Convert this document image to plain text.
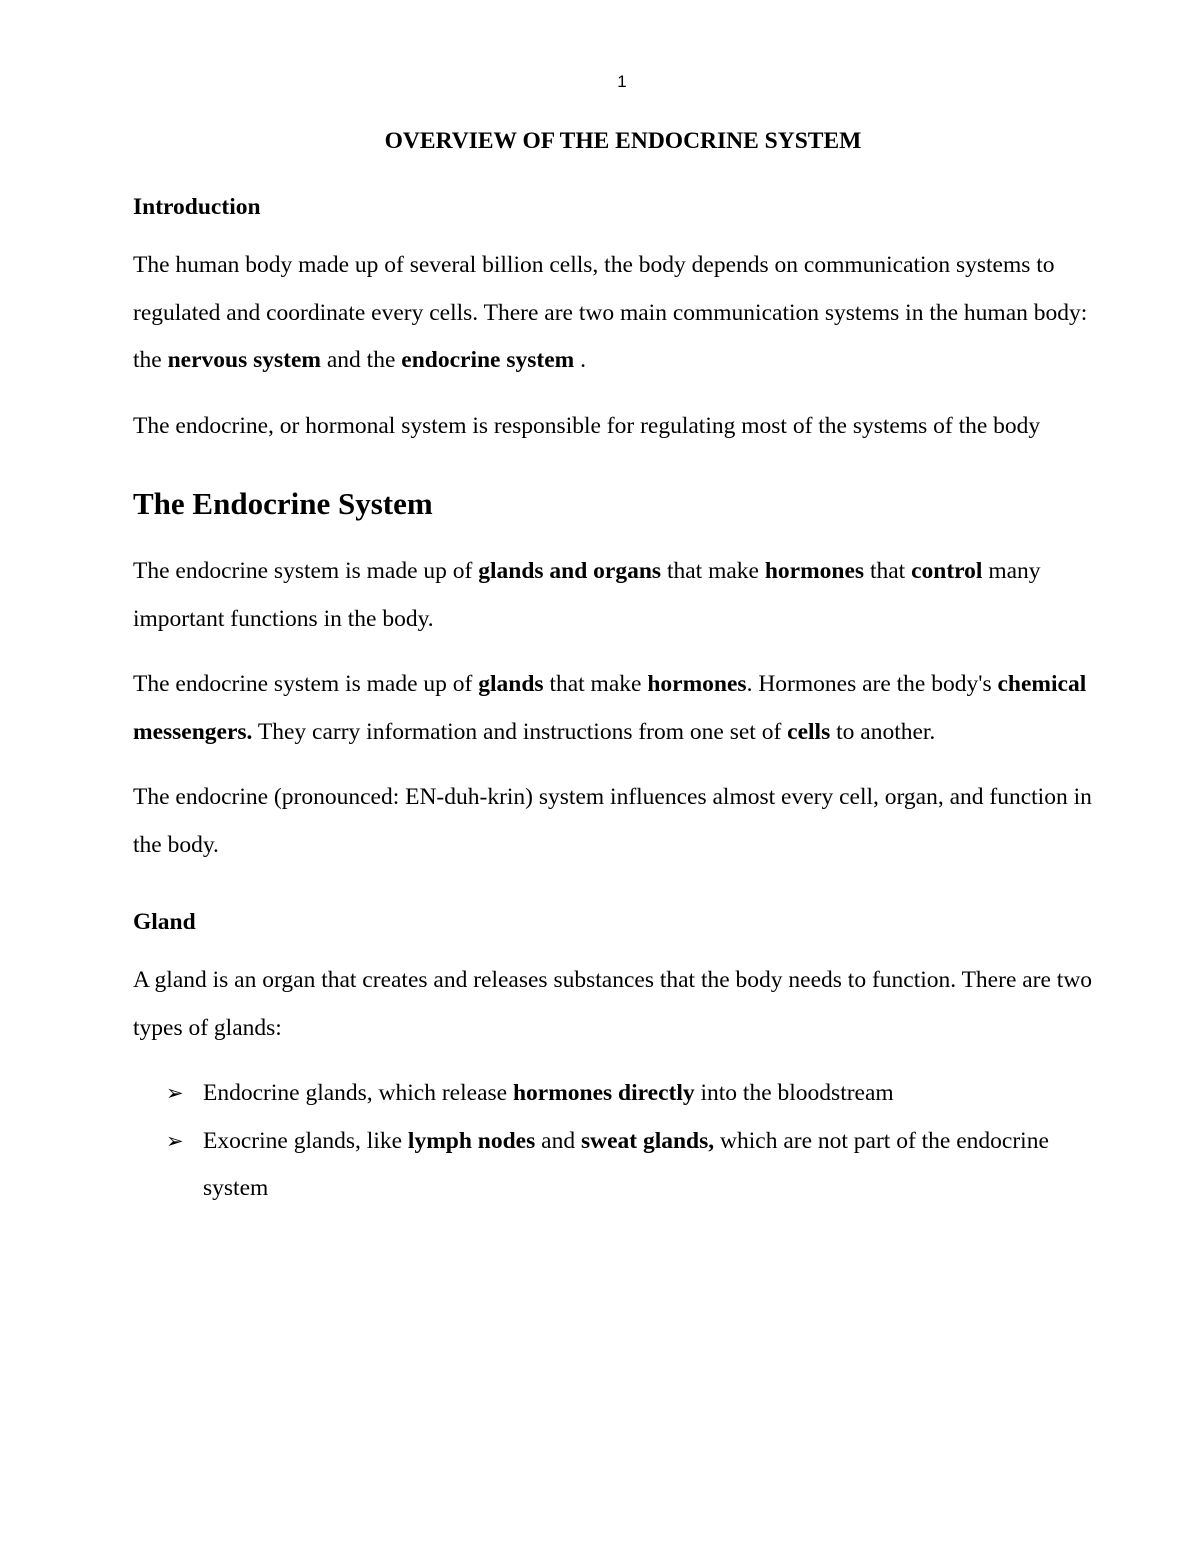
1
OVERVIEW OF THE ENDOCRINE SYSTEM
Introduction

The human body made up of several billion cells, the body depends on communication systems to regulated and coordinate every cells. There are two main communication systems in the human body: the nervous system and the endocrine system .

The endocrine, or hormonal system is responsible for regulating most of the systems of the body

The Endocrine System

The endocrine system is made up of glands and organs that make hormones that control many important functions in the body.

The endocrine system is made up of glands that make hormones. Hormones are the body's chemical messengers. They carry information and instructions from one set of cells to another.

The endocrine (pronounced: EN-duh-krin) system influences almost every cell, organ, and function in the body.

Gland

A gland is an organ that creates and releases substances that the body needs to function. There are two types of glands:

➢ Endocrine glands, which release hormones directly into the bloodstream
➢ Exocrine glands, like lymph nodes and sweat glands, which are not part of the endocrine system
